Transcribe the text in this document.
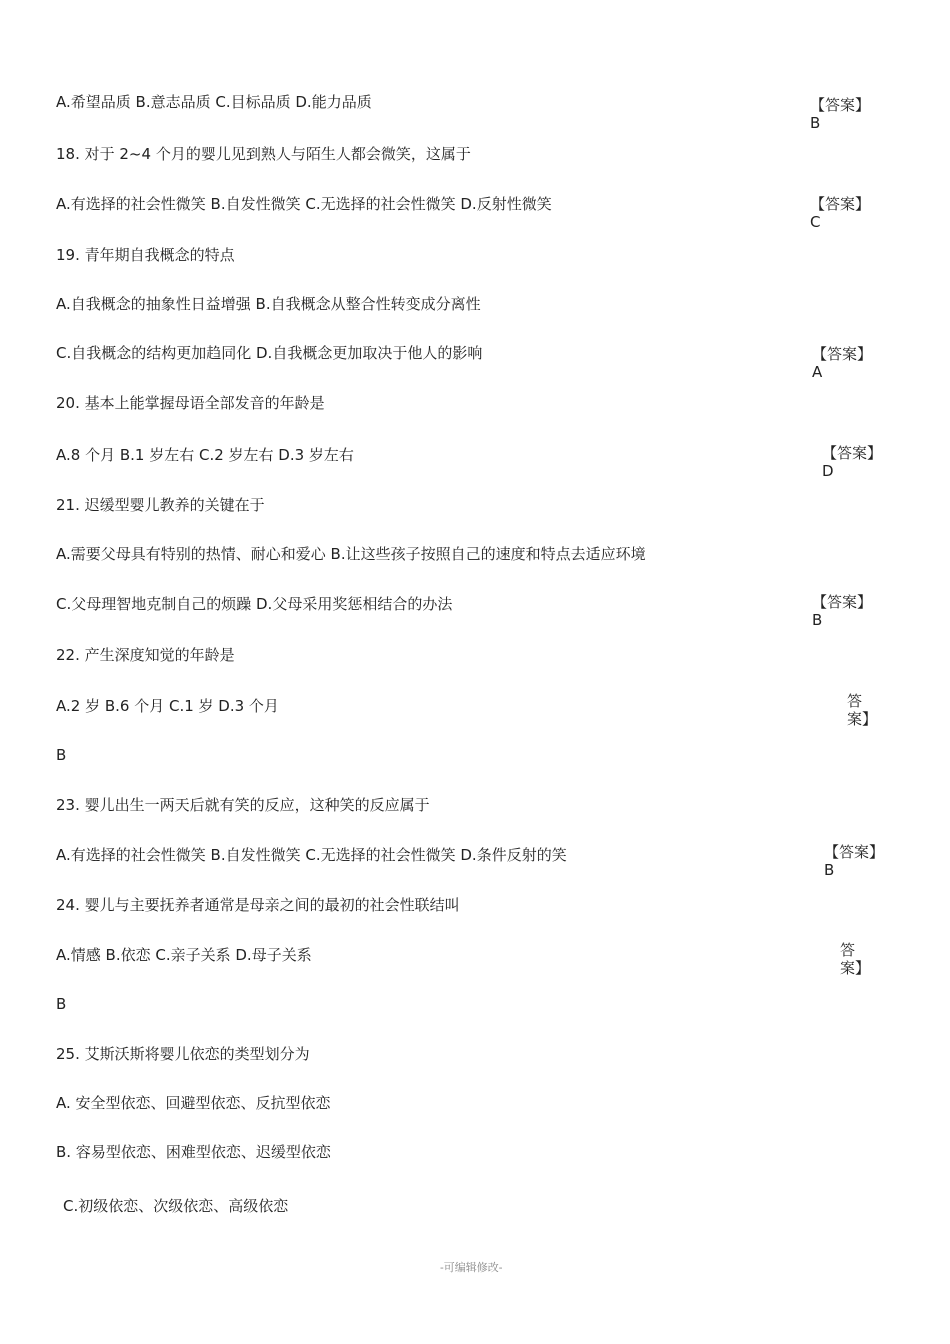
A.希望品质 B.意志品质 C.目标品质 D.能力品质
18. 对于 2~4 个月的婴儿见到熟人与陌生人都会微笑，这属于
A.有选择的社会性微笑 B.自发性微笑 C.无选择的社会性微笑 D.反射性微笑
19. 青年期自我概念的特点
A.自我概念的抽象性日益增强 B.自我概念从整合性转变成分离性
C.自我概念的结构更加趋同化 D.自我概念更加取决于他人的影响
20. 基本上能掌握母语全部发音的年龄是
A.8 个月 B.1 岁左右 C.2 岁左右 D.3 岁左右
21. 迟缓型婴儿教养的关键在于
A.需要父母具有特别的热情、耐心和爱心 B.让这些孩子按照自己的速度和特点去适应环境
C.父母理智地克制自己的烦躁 D.父母采用奖惩相结合的办法
22. 产生深度知觉的年龄是
A.2 岁 B.6 个月 C.1 岁 D.3 个月
B
23. 婴儿出生一两天后就有笑的反应，这种笑的反应属于
A.有选择的社会性微笑 B.自发性微笑 C.无选择的社会性微笑 D.条件反射的笑
24. 婴儿与主要抚养者通常是母亲之间的最初的社会性联结叫
A.情感 B.依恋 C.亲子关系 D.母子关系
B
25. 艾斯沃斯将婴儿依恋的类型划分为
A. 安全型依恋、回避型依恋、反抗型依恋
B. 容易型依恋、困难型依恋、迟缓型依恋
C.初级依恋、次级依恋、高级依恋
【答案】B
【答案】C
【答案】A
【答案】D
【答案】B
答案】
【答案】B
答案】
-可编辑修改-
